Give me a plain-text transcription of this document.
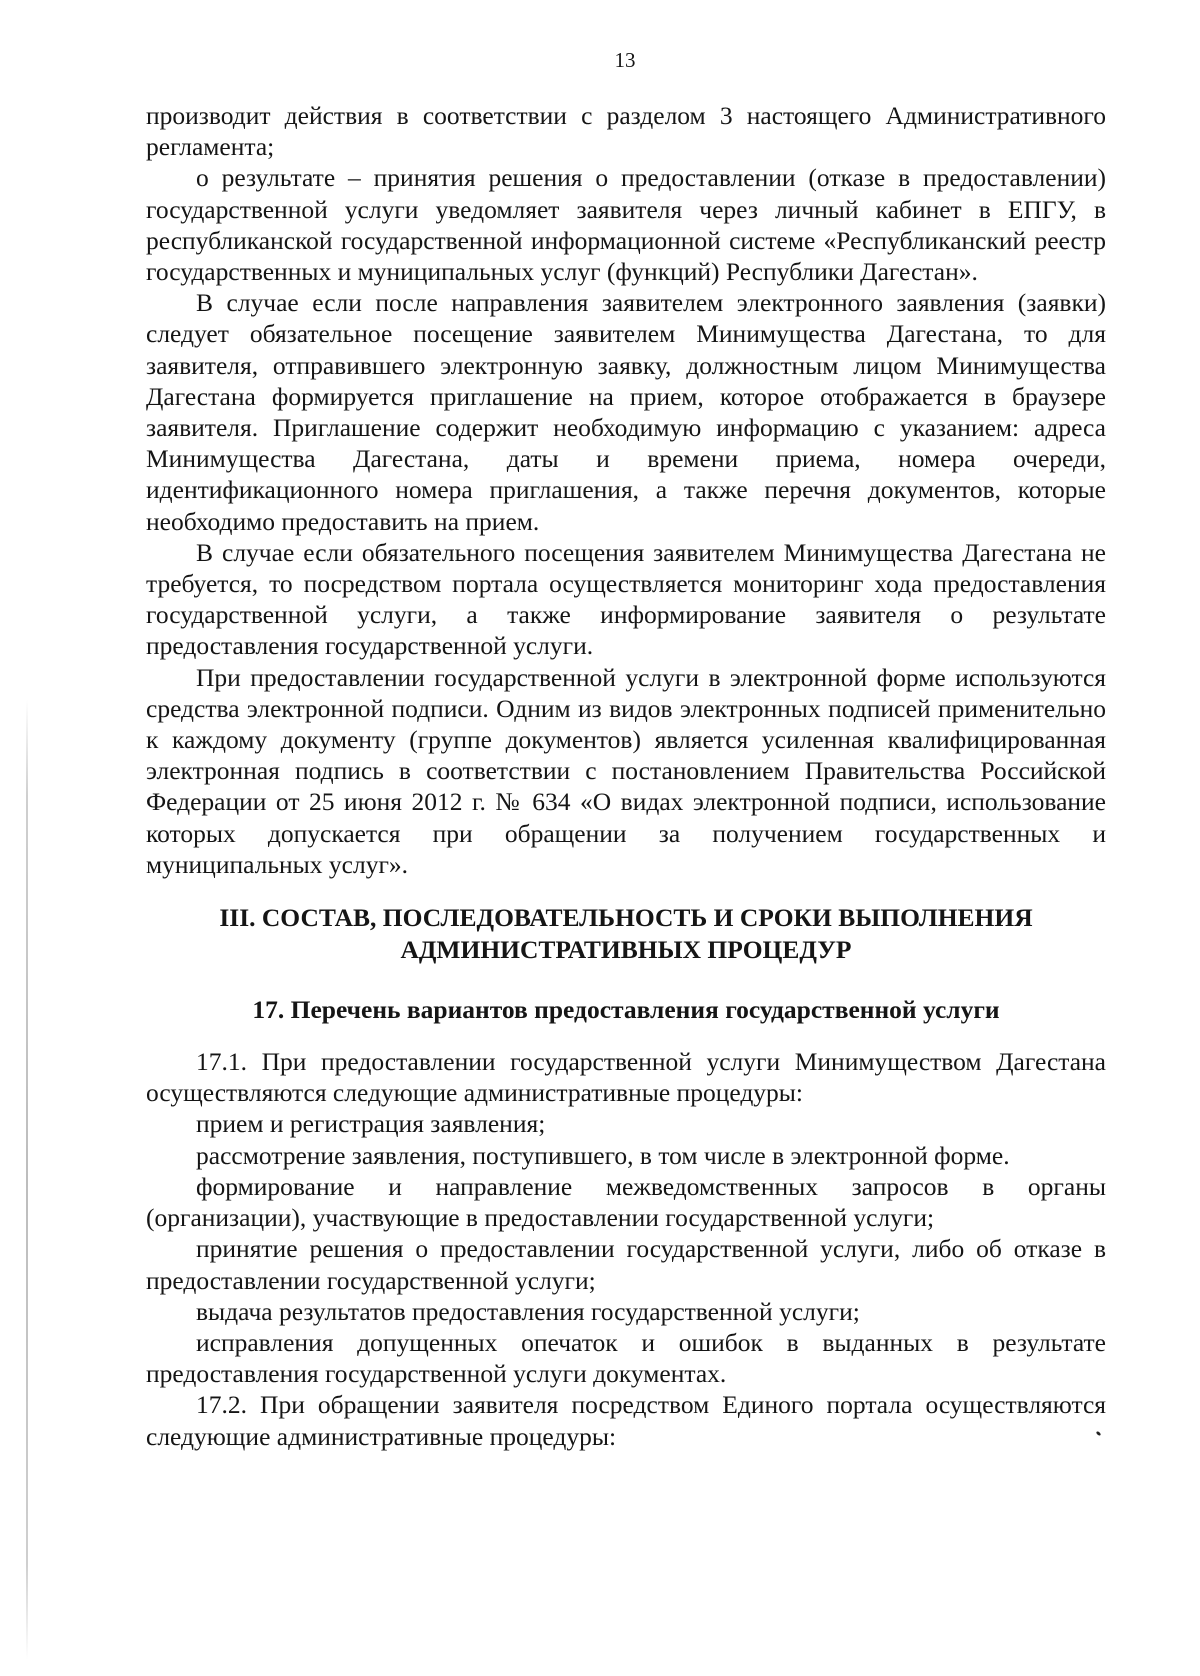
13

производит действия в соответствии с разделом 3 настоящего Административного регламента;

о результате – принятия решения о предоставлении (отказе в предоставлении) государственной услуги уведомляет заявителя через личный кабинет в ЕПГУ, в республиканской государственной информационной системе «Республиканский реестр государственных и муниципальных услуг (функций) Республики Дагестан».

В случае если после направления заявителем электронного заявления (заявки) следует обязательное посещение заявителем Минимущества Дагестана, то для заявителя, отправившего электронную заявку, должностным лицом Минимущества Дагестана формируется приглашение на прием, которое отображается в браузере заявителя. Приглашение содержит необходимую информацию с указанием: адреса Минимущества Дагестана, даты и времени приема, номера очереди, идентификационного номера приглашения, а также перечня документов, которые необходимо предоставить на прием.

В случае если обязательного посещения заявителем Минимущества Дагестана не требуется, то посредством портала осуществляется мониторинг хода предоставления государственной услуги, а также информирование заявителя о результате предоставления государственной услуги.

При предоставлении государственной услуги в электронной форме используются средства электронной подписи. Одним из видов электронных подписей применительно к каждому документу (группе документов) является усиленная квалифицированная электронная подпись в соответствии с постановлением Правительства Российской Федерации от 25 июня 2012 г. № 634 «О видах электронной подписи, использование которых допускается при обращении за получением государственных и муниципальных услуг».

III. СОСТАВ, ПОСЛЕДОВАТЕЛЬНОСТЬ И СРОКИ ВЫПОЛНЕНИЯ
АДМИНИСТРАТИВНЫХ ПРОЦЕДУР
17. Перечень вариантов предоставления государственной услуги

17.1. При предоставлении государственной услуги Минимуществом Дагестана осуществляются следующие административные процедуры:

прием и регистрация заявления;

рассмотрение заявления, поступившего, в том числе в электронной форме.

формирование и направление межведомственных запросов в органы (организации), участвующие в предоставлении государственной услуги;

принятие решения о предоставлении государственной услуги, либо об отказе в предоставлении государственной услуги;

выдача результатов предоставления государственной услуги;

исправления допущенных опечаток и ошибок в выданных в результате предоставления государственной услуги документах.

17.2. При обращении заявителя посредством Единого портала осуществляются следующие административные процедуры:
